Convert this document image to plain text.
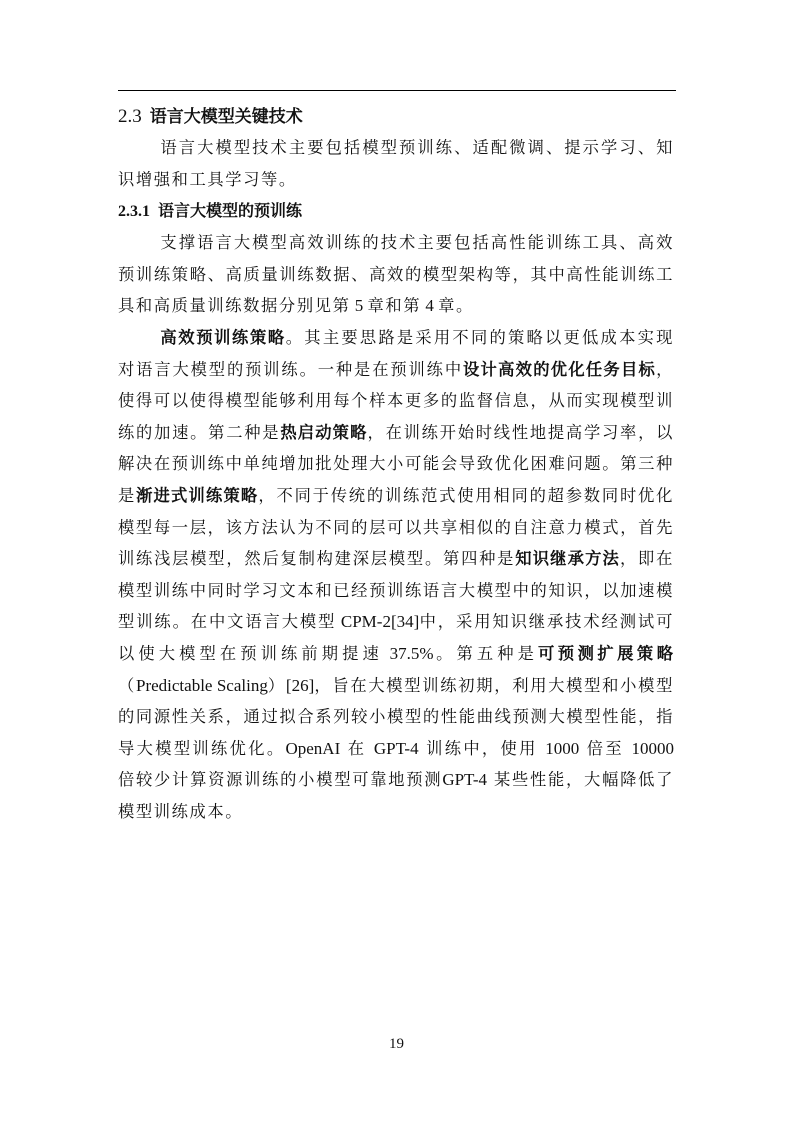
2.3 语言大模型关键技术

语言大模型技术主要包括模型预训练、适配微调、提示学习、知识增强和工具学习等。

2.3.1 语言大模型的预训练

支撑语言大模型高效训练的技术主要包括高性能训练工具、高效预训练策略、高质量训练数据、高效的模型架构等，其中高性能训练工具和高质量训练数据分别见第 5 章和第 4 章。

高效预训练策略。其主要思路是采用不同的策略以更低成本实现对语言大模型的预训练。一种是在预训练中设计高效的优化任务目标，使得可以使得模型能够利用每个样本更多的监督信息，从而实现模型训练的加速。第二种是热启动策略，在训练开始时线性地提高学习率，以解决在预训练中单纯增加批处理大小可能会导致优化困难问题。第三种是渐进式训练策略，不同于传统的训练范式使用相同的超参数同时优化模型每一层，该方法认为不同的层可以共享相似的自注意力模式，首先训练浅层模型，然后复制构建深层模型。第四种是知识继承方法，即在模型训练中同时学习文本和已经预训练语言大模型中的知识，以加速模型训练。在中文语言大模型 CPM-2[34]中，采用知识继承技术经测试可以使大模型在预训练前期提速 37.5%。第五种是可预测扩展策略（Predictable Scaling）[26]，旨在大模型训练初期，利用大模型和小模型的同源性关系，通过拟合系列较小模型的性能曲线预测大模型性能，指导大模型训练优化。OpenAI 在 GPT-4 训练中，使用 1000 倍至 10000 倍较少计算资源训练的小模型可靠地预测GPT-4 某些性能，大幅降低了模型训练成本。

19
